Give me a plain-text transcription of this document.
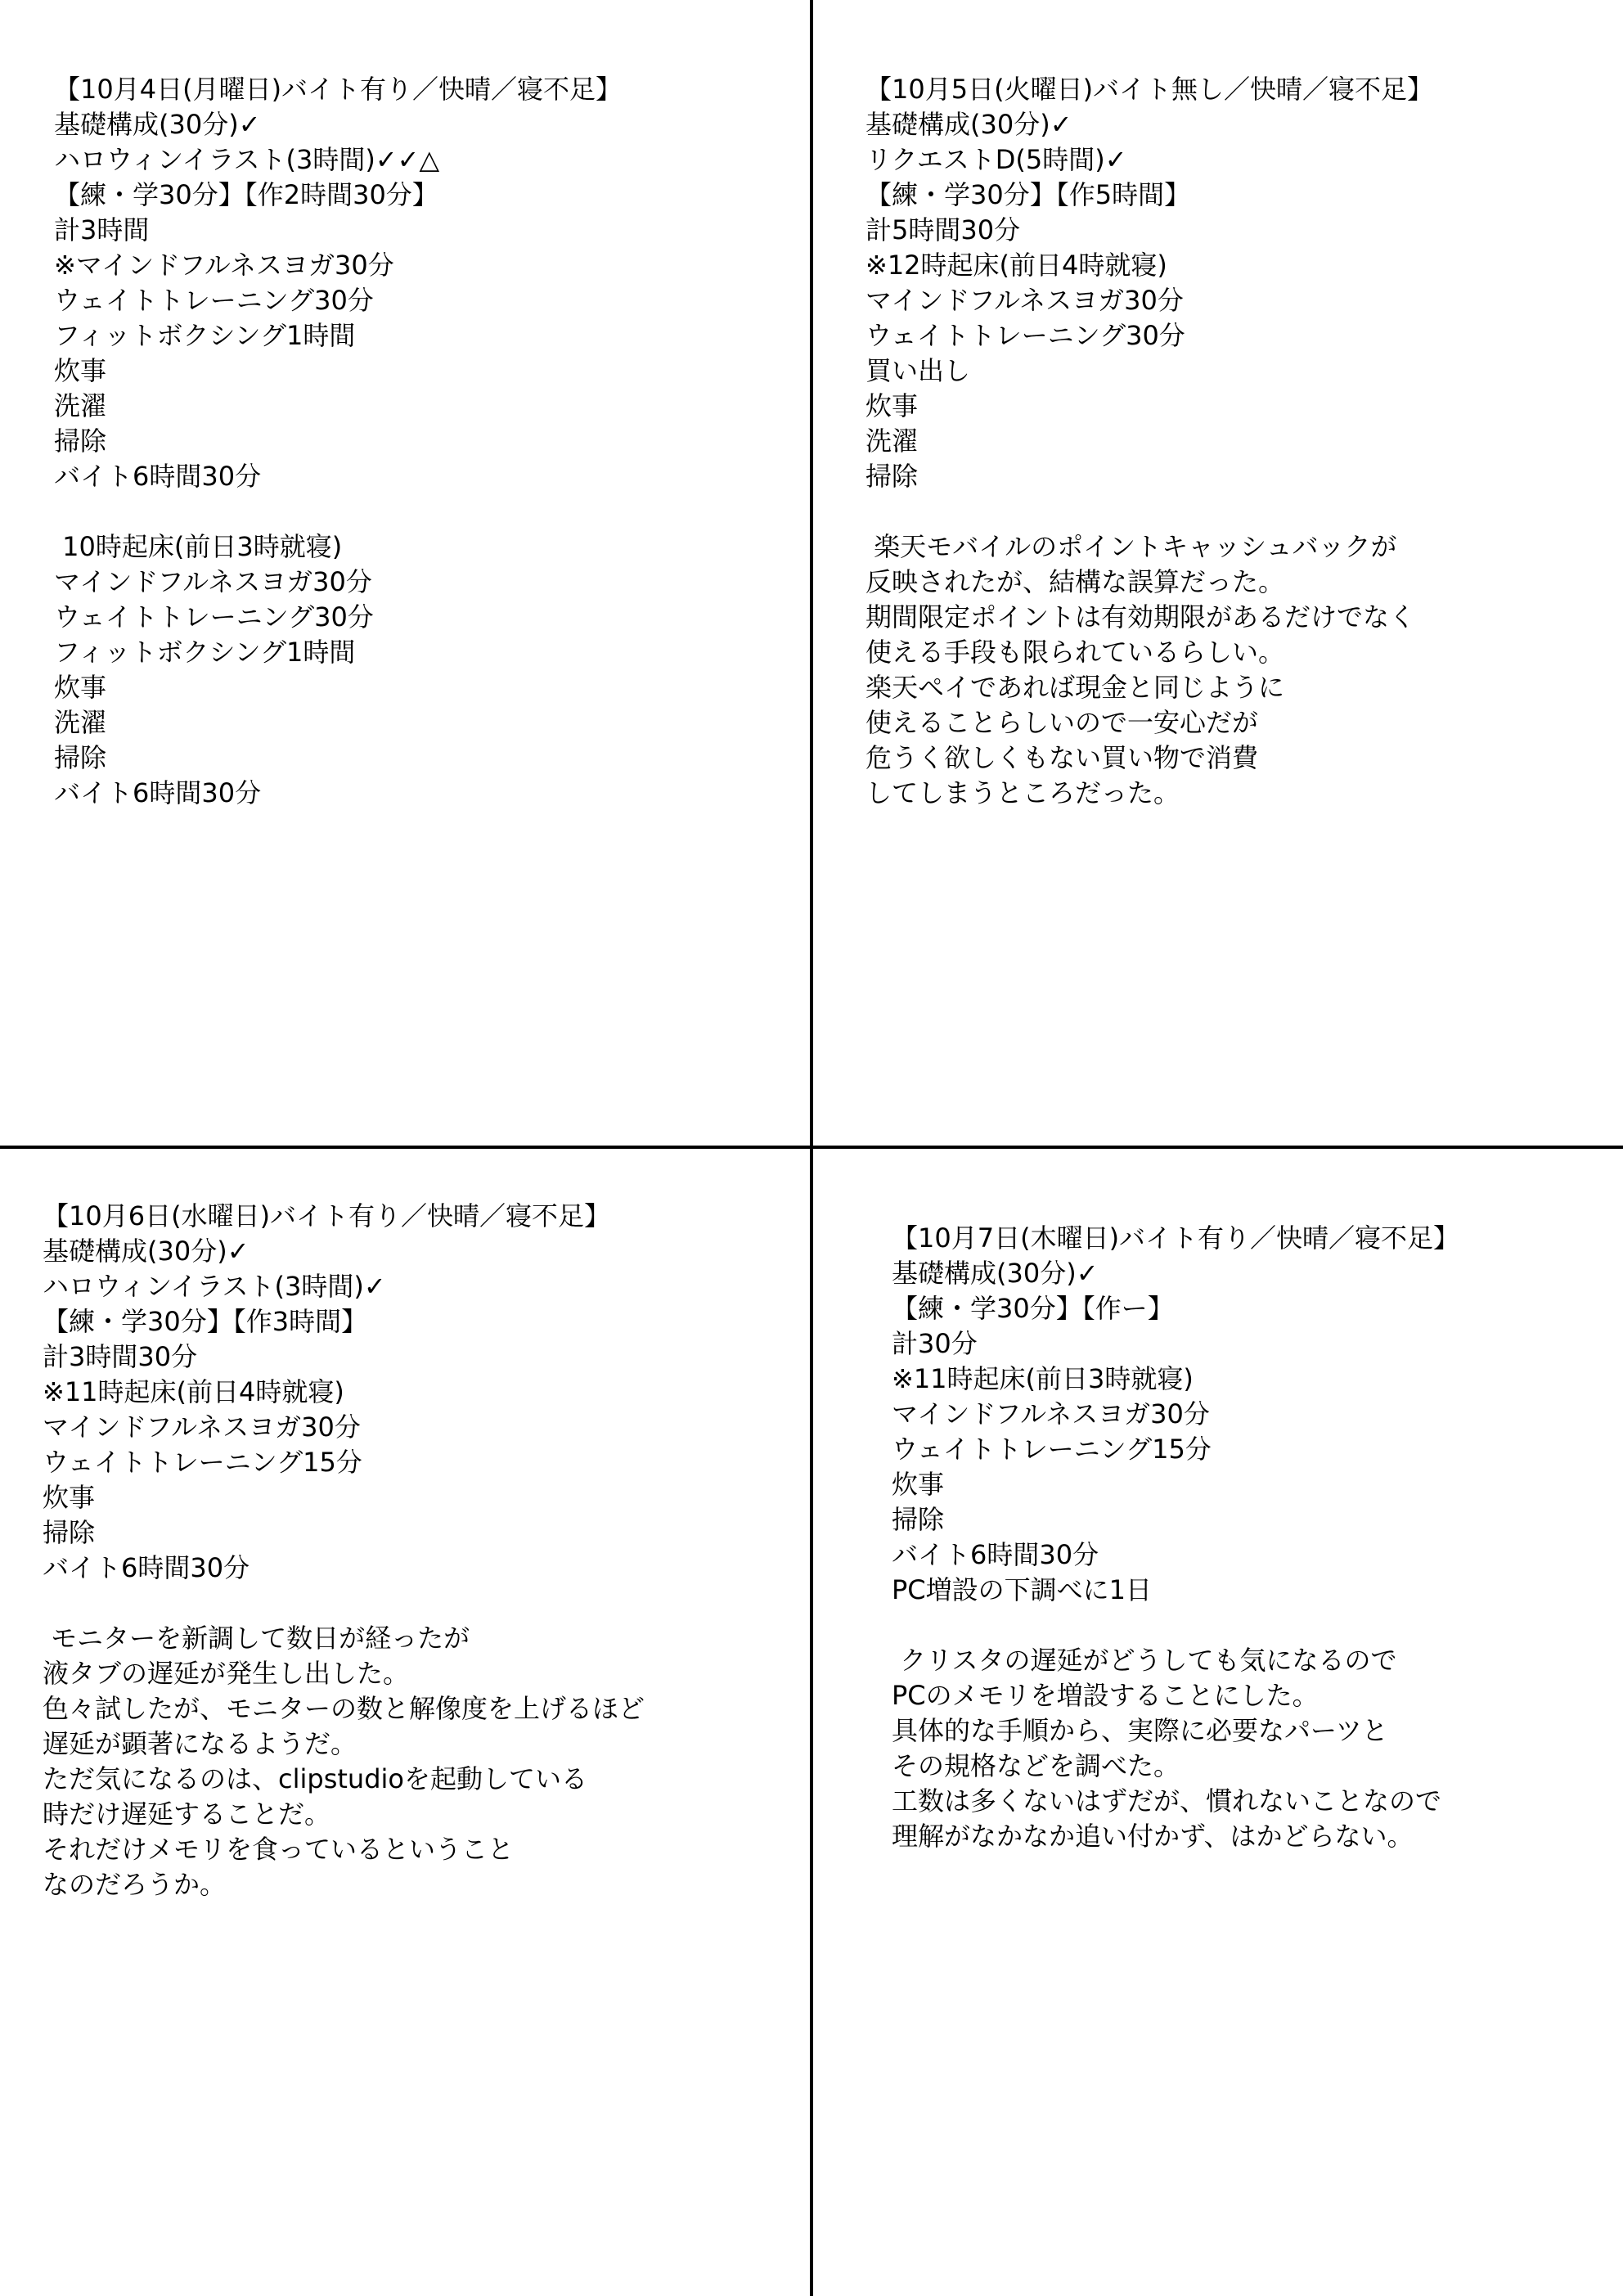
【10月4日(月曜日)バイト有り／快晴／寝不足】
基礎構成(30分)✓
ハロウィンイラスト(3時間)✓✓△
【練・学30分】【作2時間30分】
計3時間
※マインドフルネスヨガ30分
ウェイトトレーニング30分
フィットボクシング1時間
炊事
洗濯
掃除
バイト6時間30分
10時起床(前日3時就寝)
マインドフルネスヨガ30分
ウェイトトレーニング30分
フィットボクシング1時間
炊事
洗濯
掃除
バイト6時間30分
【10月5日(火曜日)バイト無し／快晴／寝不足】
基礎構成(30分)✓
リクエストD(5時間)✓
【練・学30分】【作5時間】
計5時間30分
※12時起床(前日4時就寝)
マインドフルネスヨガ30分
ウェイトトレーニング30分
買い出し
炊事
洗濯
掃除
楽天モバイルのポイントキャッシュバックが
反映されたが、結構な誤算だった。
期間限定ポイントは有効期限があるだけでなく
使える手段も限られているらしい。
楽天ペイであれば現金と同じように
使えることらしいので一安心だが
危うく欲しくもない買い物で消費
してしまうところだった。
【10月6日(水曜日)バイト有り／快晴／寝不足】
基礎構成(30分)✓
ハロウィンイラスト(3時間)✓
【練・学30分】【作3時間】
計3時間30分
※11時起床(前日4時就寝)
マインドフルネスヨガ30分
ウェイトトレーニング15分
炊事
掃除
バイト6時間30分
モニターを新調して数日が経ったが
液タブの遅延が発生し出した。
色々試したが、モニターの数と解像度を上げるほど
遅延が顕著になるようだ。
ただ気になるのは、clipstudioを起動している
時だけ遅延することだ。
それだけメモリを食っているということ
なのだろうか。
【10月7日(木曜日)バイト有り／快晴／寝不足】
基礎構成(30分)✓
【練・学30分】【作ー】
計30分
※11時起床(前日3時就寝)
マインドフルネスヨガ30分
ウェイトトレーニング15分
炊事
掃除
バイト6時間30分
PC増設の下調べに1日
クリスタの遅延がどうしても気になるので
PCのメモリを増設することにした。
具体的な手順から、実際に必要なパーツと
その規格などを調べた。
工数は多くないはずだが、慣れないことなので
理解がなかなか追い付かず、はかどらない。
